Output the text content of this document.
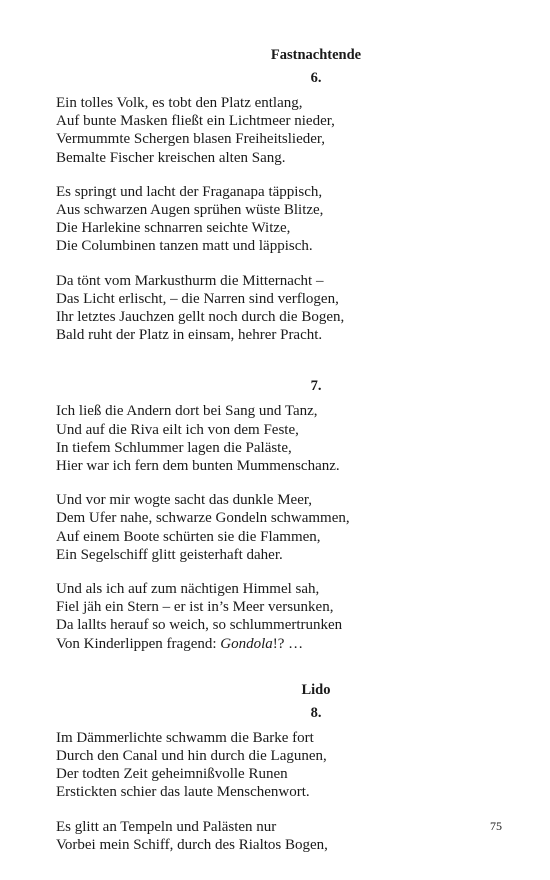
Fastnachtende
6.
Ein tolles Volk, es tobt den Platz entlang,
Auf bunte Masken fließt ein Lichtmeer nieder,
Vermummte Schergen blasen Freiheitslieder,
Bemalte Fischer kreischen alten Sang.
Es springt und lacht der Fraganapa täppisch,
Aus schwarzen Augen sprühen wüste Blitze,
Die Harlekine schnarren seichte Witze,
Die Columbinen tanzen matt und läppisch.
Da tönt vom Markusthurm die Mitternacht –
Das Licht erlischt, – die Narren sind verflogen,
Ihr letztes Jauchzen gellt noch durch die Bogen,
Bald ruht der Platz in einsam, hehrer Pracht.
7.
Ich ließ die Andern dort bei Sang und Tanz,
Und auf die Riva eilt ich von dem Feste,
In tiefem Schlummer lagen die Paläste,
Hier war ich fern dem bunten Mummenschanz.
Und vor mir wogte sacht das dunkle Meer,
Dem Ufer nahe, schwarze Gondeln schwammen,
Auf einem Boote schürten sie die Flammen,
Ein Segelschiff glitt geisterhaft daher.
Und als ich auf zum nächtigen Himmel sah,
Fiel jäh ein Stern – er ist in’s Meer versunken,
Da lallts herauf so weich, so schlummertrunken
Von Kinderlippen fragend: Gondola!? …
Lido
8.
Im Dämmerlichte schwamm die Barke fort
Durch den Canal und hin durch die Lagunen,
Der todten Zeit geheimnißvolle Runen
Erstickten schier das laute Menschenwort.
Es glitt an Tempeln und Palästen nur
Vorbei mein Schiff, durch des Rialtos Bogen,
75
